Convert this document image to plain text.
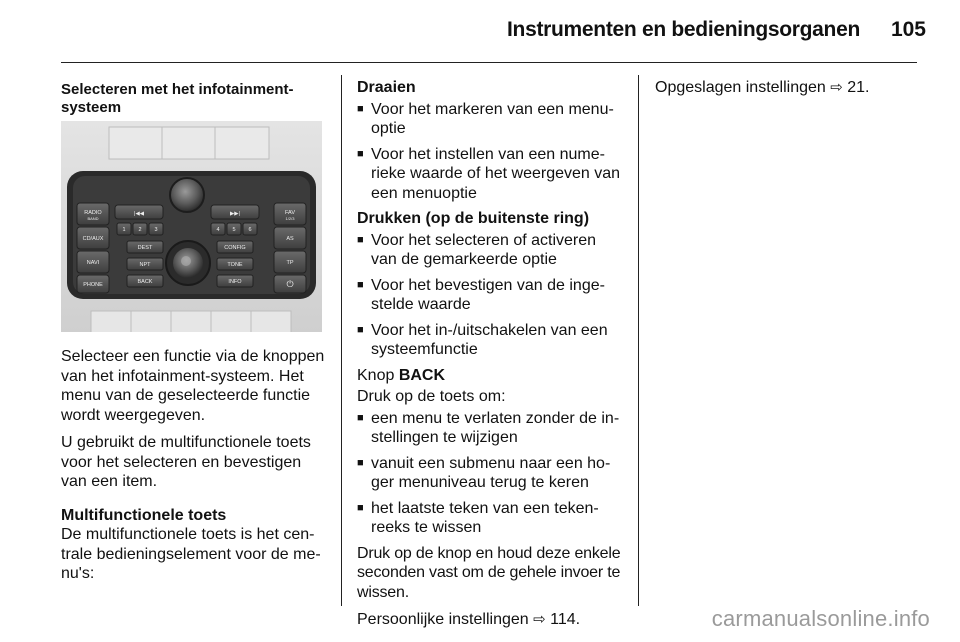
Instrumenten en bedieningsorganen	105
Selecteren met het infotainment-systeem
RADIO
BAND
CD/AUX
NAVI
PHONE
FAV
1/2/3
AS
TP
⏻
|◀◀	▶▶|
1 2 3	4 5 6
DEST
NPT
BACK
CONFIG
TONE
INFO

Selecteer een functie via de knoppen van het infotainment-systeem. Het menu van de geselecteerde functie wordt weergegeven.

U gebruikt de multifunctionele toets voor het selecteren en bevestigen van een item.

Multifunctionele toets

De multifunctionele toets is het cen-trale bedieningselement voor de me-nu's:

Draaien
■ Voor het markeren van een menu-optie
■ Voor het instellen van een nume-rieke waarde of het weergeven van een menuoptie
Drukken (op de buitenste ring)
■ Voor het selecteren of activeren van de gemarkeerde optie
■ Voor het bevestigen van de inge-stelde waarde
■ Voor het in-/uitschakelen van een systeemfunctie

Knop BACK

Druk op de toets om:

■ een menu te verlaten zonder de in-stellingen te wijzigen
■ vanuit een submenu naar een ho-ger menuniveau terug te keren
■ het laatste teken van een teken-reeks te wissen

Druk op de knop en houd deze enkele seconden vast om de gehele invoer te wissen.

Persoonlijke instellingen ⇨ 114.

Opgeslagen instellingen ⇨ 21.

carmanualsonline.info
